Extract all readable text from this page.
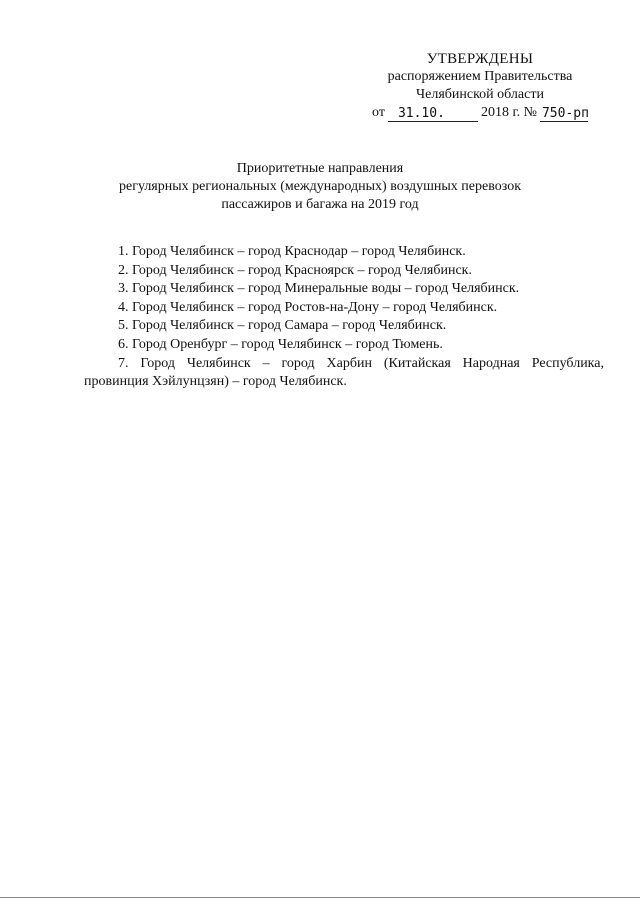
УТВЕРЖДЕНЫ
распоряжением Правительства
Челябинской области
от	31.10.	2018 г. № 750-рп
Приоритетные направления
регулярных региональных (международных) воздушных перевозок
пассажиров и багажа на 2019 год

1. Город Челябинск – город Краснодар – город Челябинск.

2. Город Челябинск – город Красноярск – город Челябинск.

3. Город Челябинск – город Минеральные воды – город Челябинск.

4. Город Челябинск – город Ростов-на-Дону – город Челябинск.

5. Город Челябинск – город Самара – город Челябинск.

6. Город Оренбург – город Челябинск – город Тюмень.

7. Город Челябинск – город Харбин (Китайская Народная Республика, провинция Хэйлунцзян) – город Челябинск.
